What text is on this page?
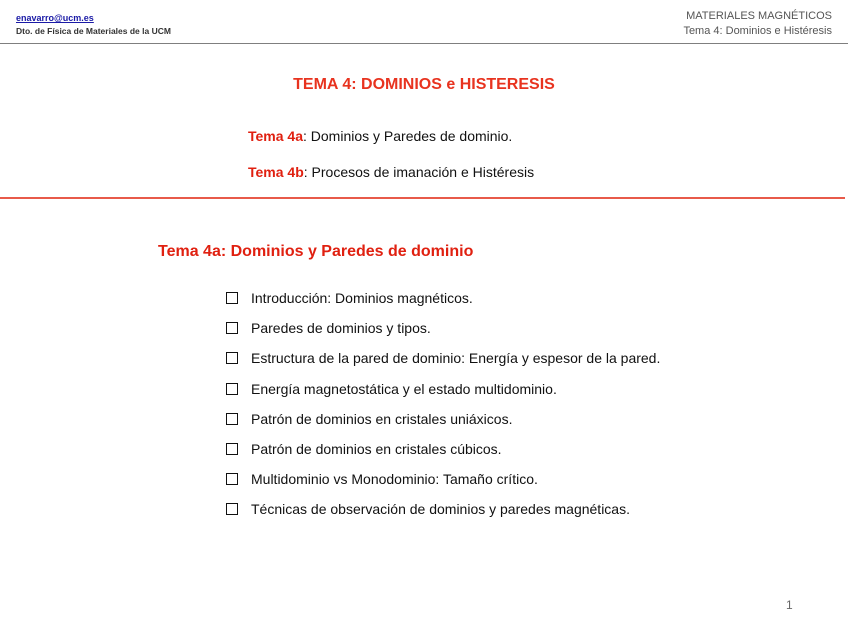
enavarro@ucm.es
Dto. de Física de Materiales de la UCM
MATERIALES MAGNÉTICOS
Tema 4: Dominios e Histéresis
TEMA 4: DOMINIOS e HISTERESIS
Tema 4a: Dominios y Paredes de dominio.
Tema 4b: Procesos de imanación e Histéresis
Tema 4a: Dominios y Paredes de dominio
Introducción: Dominios magnéticos.
Paredes de dominios y tipos.
Estructura de la pared de dominio: Energía y espesor de la pared.
Energía magnetostática y el estado multidominio.
Patrón de dominios en cristales uniáxicos.
Patrón de dominios en cristales cúbicos.
Multidominio vs Monodominio: Tamaño crítico.
Técnicas de observación de dominios y paredes magnéticas.
1
